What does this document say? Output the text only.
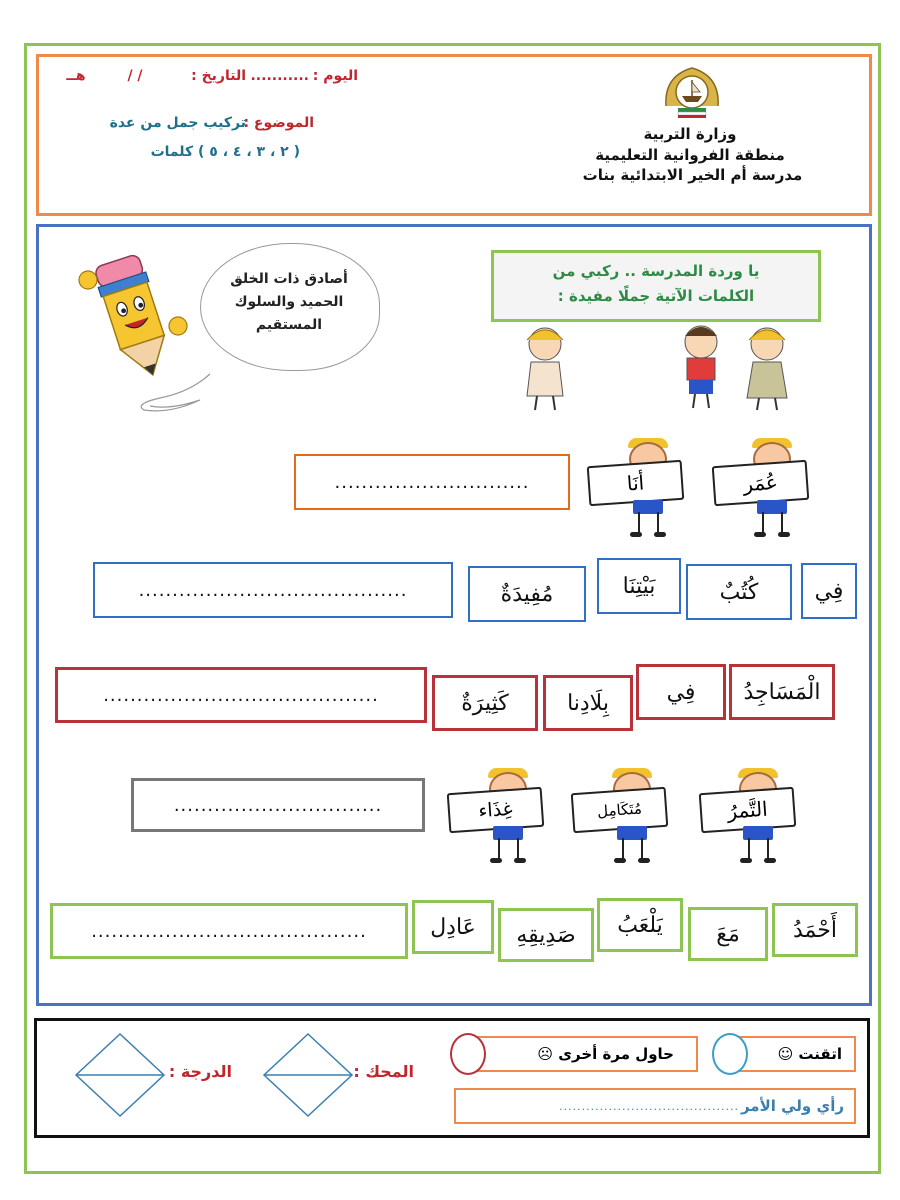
اليوم :
...........
التاريخ :
/ /
هــ
الموضوع :
تركيب جمل من عدة
( ٢ ، ٣ ، ٤ ، ٥ ) كلمات
وزارة التربية
منطقة الفروانية التعليمية
مدرسة أم الخير الابتدائية بنات
أصادق ذات الخلق
الحميد والسلوك
المستقيم
يا وردة المدرسة .. ركبي من
الكلمات الآتية جملًا مفيدة :
.............................	أنَا	عُمَر
........................................	مُفِيدَةٌ	بَيْتِنَا	كُتُبٌ	فِي
.........................................	كَثِيرَةٌ	بِلَادِنا	فِي	الْمَسَاجِدُ
...............................	غِذَاء	مُتَكَامِل	التَّمرُ
.........................................	عَادِل	صَدِيقِهِ	يَلْعَبُ	مَعَ	أَحْمَدُ
اتقنت ☺
حاول مرة أخرى ☹
رأي ولي الأمر
........................................
المحك :
الدرجة :
